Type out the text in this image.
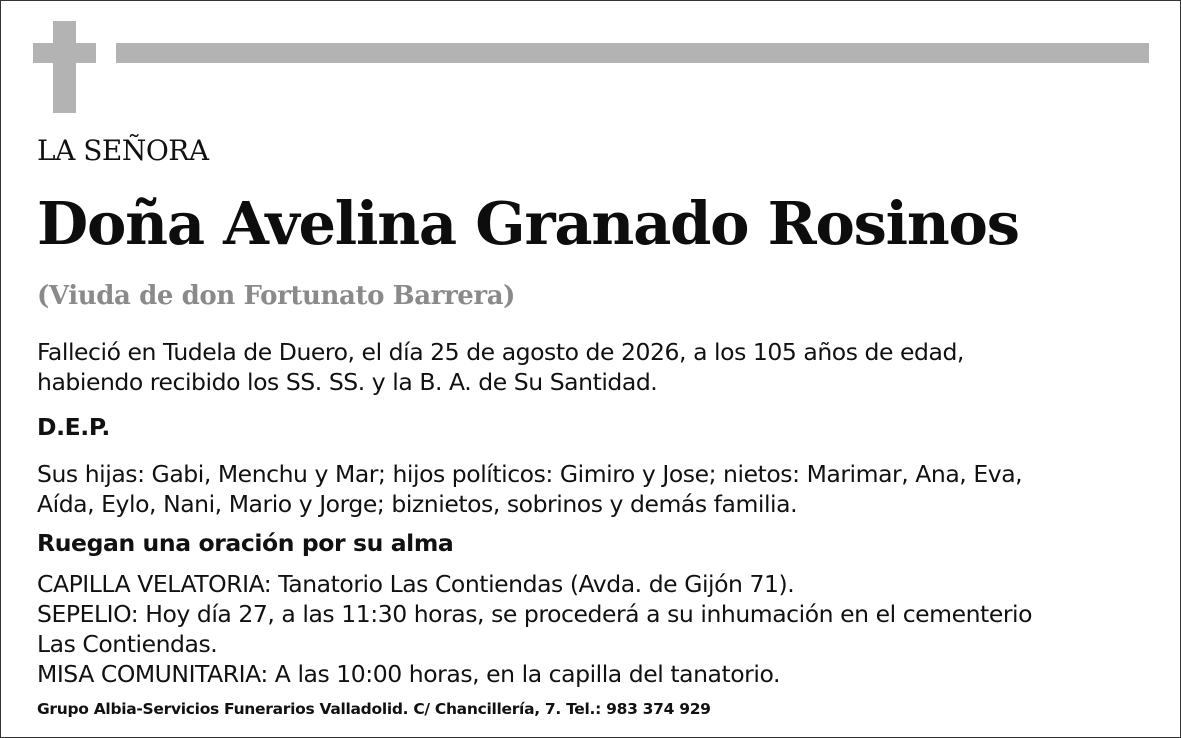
LA SEÑORA

Doña Avelina Granado Rosinos

(Viuda de don Fortunato Barrera)

Falleció en Tudela de Duero, el día 25 de agosto de 2026, a los 105 años de edad,
habiendo recibido los SS. SS. y la B. A. de Su Santidad.

D.E.P.

Sus hijas: Gabi, Menchu y Mar; hijos políticos: Gimiro y Jose; nietos: Marimar, Ana, Eva,
Aída, Eylo, Nani, Mario y Jorge; biznietos, sobrinos y demás familia.

Ruegan una oración por su alma

CAPILLA VELATORIA: Tanatorio Las Contiendas (Avda. de Gijón 71).
SEPELIO: Hoy día 27, a las 11:30 horas, se procederá a su inhumación en el cementerio
Las Contiendas.
MISA COMUNITARIA: A las 10:00 horas, en la capilla del tanatorio.

Grupo Albia-Servicios Funerarios Valladolid. C/ Chancillería, 7. Tel.: 983 374 929
